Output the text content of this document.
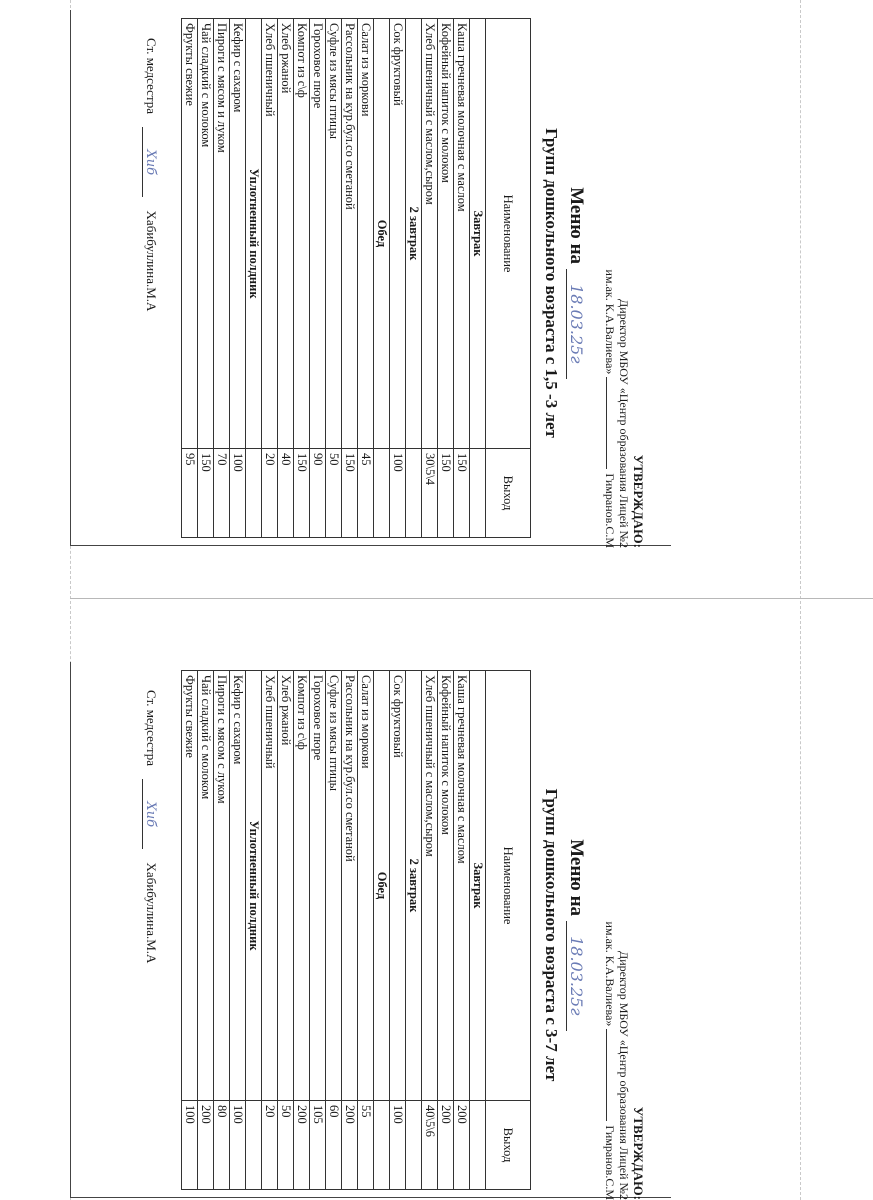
УТВЕРЖДАЮ:
Директор МБОУ «Центр образования Лицей №2
им.ак. К.А.Валиева» Гимранов.С.М
Меню на 18.03.25г
Групп дошкольного возраста с 1,5 -3 лет
Наименование	Выход
Завтрак	
Каша гречневая молочная с маслом	150
Кофейный напиток с молоком	150
Хлеб пшеничный с маслом,сыром	30\5\4
2 завтрак	
Сок фруктовый	100
Обед	
Салат из моркови	45
Рассольник на кур.бул.со сметаной	150
Суфле из мясы птицы	50
Гороховое пюре	90
Компот из с\ф	150
Хлеб ржаной	40
Хлеб пшеничный	20
Уплотненный полдник	
Кефир с сахаром	100
Пироги с мясом и луком	70
Чай сладкий с молоком	150
Фрукты свежие	95
Ст. медсестра Хиб Хабибуллина.М.А
УТВЕРЖДАЮ:
Директор МБОУ «Центр образования Лицей №2
им.ак. К.А.Валиева» Гимранов.С.М
Меню на 18.03.25г
Групп дошкольного возраста с 3-7 лет
Наименование	Выход
Завтрак	
Каша гречневая молочная с маслом	200
Кофейный напиток с молоком	200
Хлеб пшеничный с маслом,сыром	40\5\6
2 завтрак	
Сок фруктовый	100
Обед	
Салат из моркови	55
Рассольник на кур.бул.со сметаной	200
Суфле из мясы птицы	60
Гороховое пюре	105
Компот из с\ф	200
Хлеб ржаной	50
Хлеб пшеничный	20
Уплотненный полдник	
Кефир с сахаром	100
Пироги с мясом с луком	80
Чай сладкий с молоком	200
Фрукты свежие	100
Ст. медсестра Хиб Хабибуллина.М.А
